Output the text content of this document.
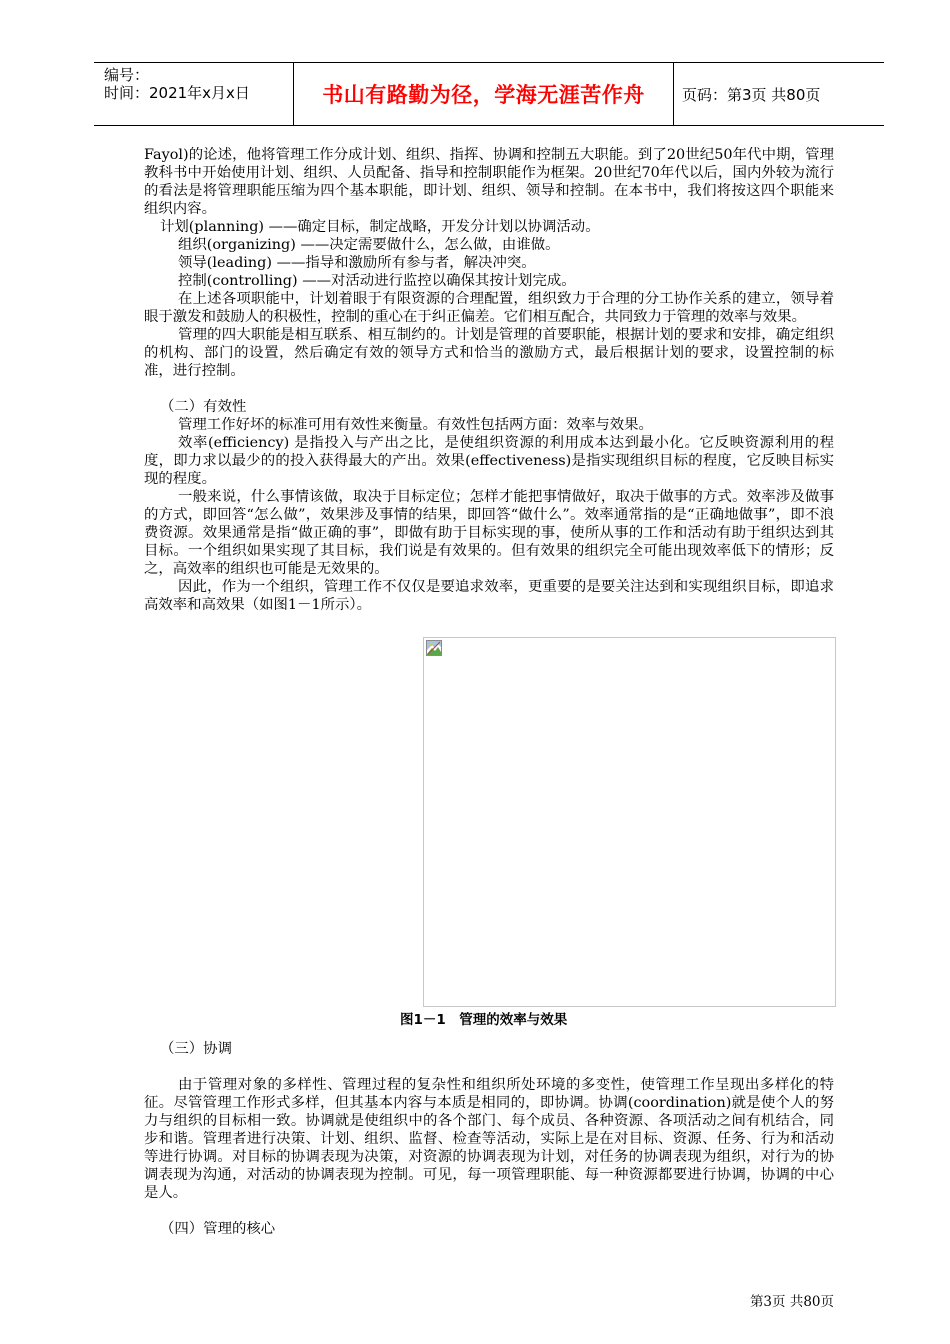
编号：
时间：2021年x月x日	书山有路勤为径，学海无涯苦作舟 页码：第3页 共80页

Fayol)的论述，他将管理工作分成计划、组织、指挥、协调和控制五大职能。到了20世纪50年代中期，管理教科书中开始使用计划、组织、人员配备、指导和控制职能作为框架。20世纪70年代以后，国内外较为流行的看法是将管理职能压缩为四个基本职能，即计划、组织、领导和控制。在本书中，我们将按这四个职能来组织内容。

计划(planning) ——确定目标，制定战略，开发分计划以协调活动。

组织(organizing) ——决定需要做什么，怎么做，由谁做。

领导(leading) ——指导和激励所有参与者，解决冲突。

控制(controlling) ——对活动进行监控以确保其按计划完成。

在上述各项职能中，计划着眼于有限资源的合理配置，组织致力于合理的分工协作关系的建立，领导着眼于激发和鼓励人的积极性，控制的重心在于纠正偏差。它们相互配合，共同致力于管理的效率与效果。

管理的四大职能是相互联系、相互制约的。计划是管理的首要职能，根据计划的要求和安排，确定组织的机构、部门的设置，然后确定有效的领导方式和恰当的激励方式，最后根据计划的要求，设置控制的标准，进行控制。

（二）有效性

管理工作好坏的标准可用有效性来衡量。有效性包括两方面：效率与效果。

效率(efficiency) 是指投入与产出之比，是使组织资源的利用成本达到最小化。它反映资源利用的程度，即力求以最少的的投入获得最大的产出。效果(effectiveness)是指实现组织目标的程度，它反映目标实现的程度。

一般来说，什么事情该做，取决于目标定位；怎样才能把事情做好，取决于做事的方式。效率涉及做事的方式，即回答“怎么做”，效果涉及事情的结果，即回答“做什么”。效率通常指的是“正确地做事”，即不浪费资源。效果通常是指“做正确的事”，即做有助于目标实现的事，使所从事的工作和活动有助于组织达到其目标。一个组织如果实现了其目标，我们说是有效果的。但有效果的组织完全可能出现效率低下的情形；反之，高效率的组织也可能是无效果的。

因此，作为一个组织，管理工作不仅仅是要追求效率，更重要的是要关注达到和实现组织目标，即追求高效率和高效果（如图1－1所示）。

图1－1　管理的效率与效果

（三）协调

由于管理对象的多样性、管理过程的复杂性和组织所处环境的多变性，使管理工作呈现出多样化的特征。尽管管理工作形式多样，但其基本内容与本质是相同的，即协调。协调(coordination)就是使个人的努力与组织的目标相一致。协调就是使组织中的各个部门、每个成员、各种资源、各项活动之间有机结合，同步和谐。管理者进行决策、计划、组织、监督、检查等活动，实际上是在对目标、资源、任务、行为和活动等进行协调。对目标的协调表现为决策，对资源的协调表现为计划，对任务的协调表现为组织，对行为的协调表现为沟通，对活动的协调表现为控制。可见，每一项管理职能、每一种资源都要进行协调，协调的中心是人。

（四）管理的核心

第3页 共80页
